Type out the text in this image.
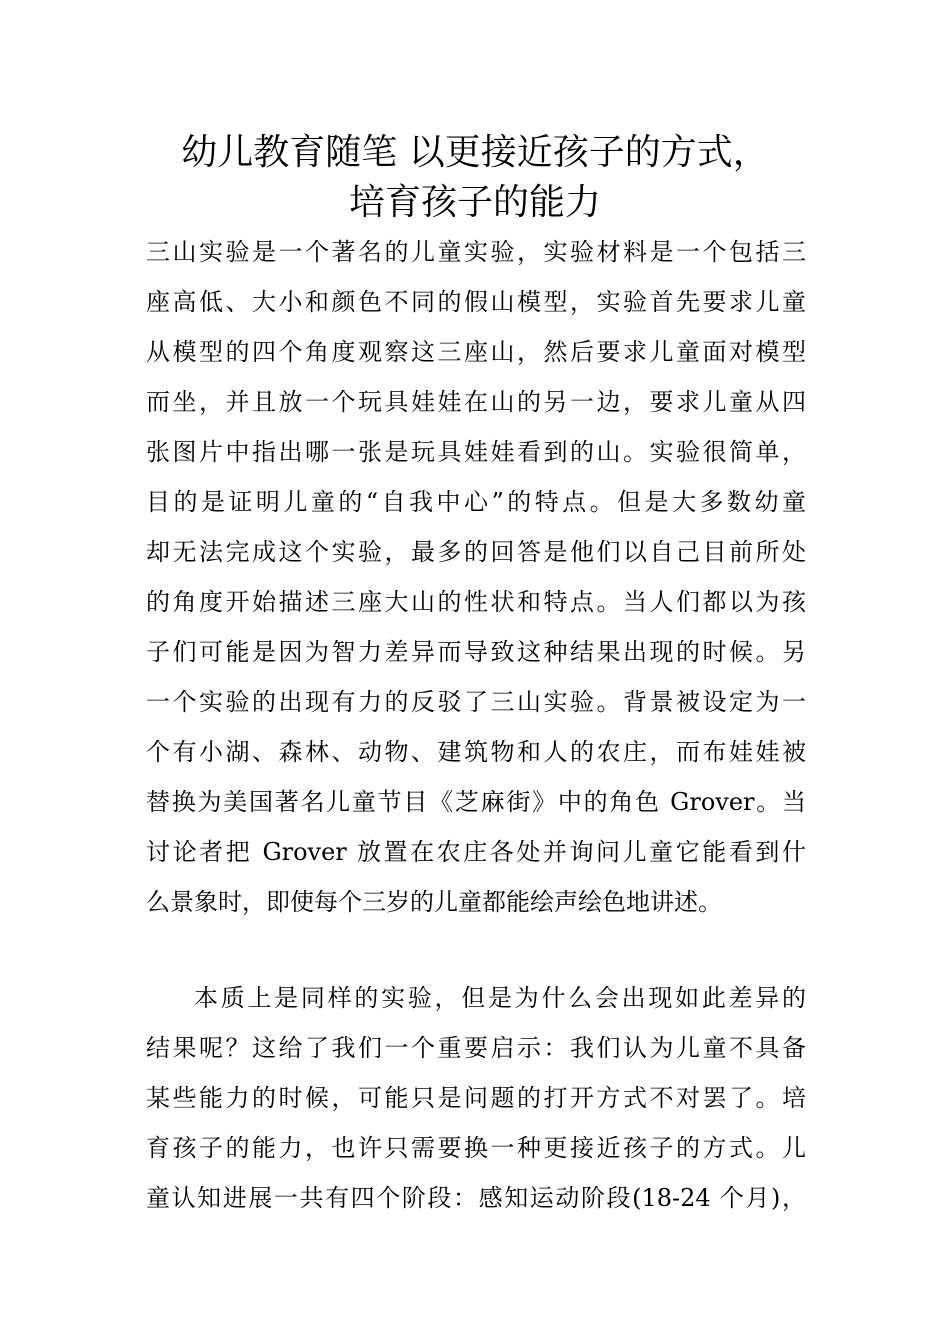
幼儿教育随笔 以更接近孩子的方式，
培育孩子的能力
三山实验是一个著名的儿童实验，实验材料是一个包括三
座高低、大小和颜色不同的假山模型，实验首先要求儿童
从模型的四个角度观察这三座山，然后要求儿童面对模型
而坐，并且放一个玩具娃娃在山的另一边，要求儿童从四
张图片中指出哪一张是玩具娃娃看到的山。实验很简单，
目的是证明儿童的“自我中心”的特点。但是大多数幼童
却无法完成这个实验，最多的回答是他们以自己目前所处
的角度开始描述三座大山的性状和特点。当人们都以为孩
子们可能是因为智力差异而导致这种结果出现的时候。另
一个实验的出现有力的反驳了三山实验。背景被设定为一
个有小湖、森林、动物、建筑物和人的农庄，而布娃娃被
替换为美国著名儿童节目《芝麻街》中的角色 Grover。当
讨论者把 Grover 放置在农庄各处并询问儿童它能看到什
么景象时，即使每个三岁的儿童都能绘声绘色地讲述。
本质上是同样的实验，但是为什么会出现如此差异的
结果呢？这给了我们一个重要启示：我们认为儿童不具备
某些能力的时候，可能只是问题的打开方式不对罢了。培
育孩子的能力，也许只需要换一种更接近孩子的方式。儿
童认知进展一共有四个阶段：感知运动阶段(18-24 个月)，
